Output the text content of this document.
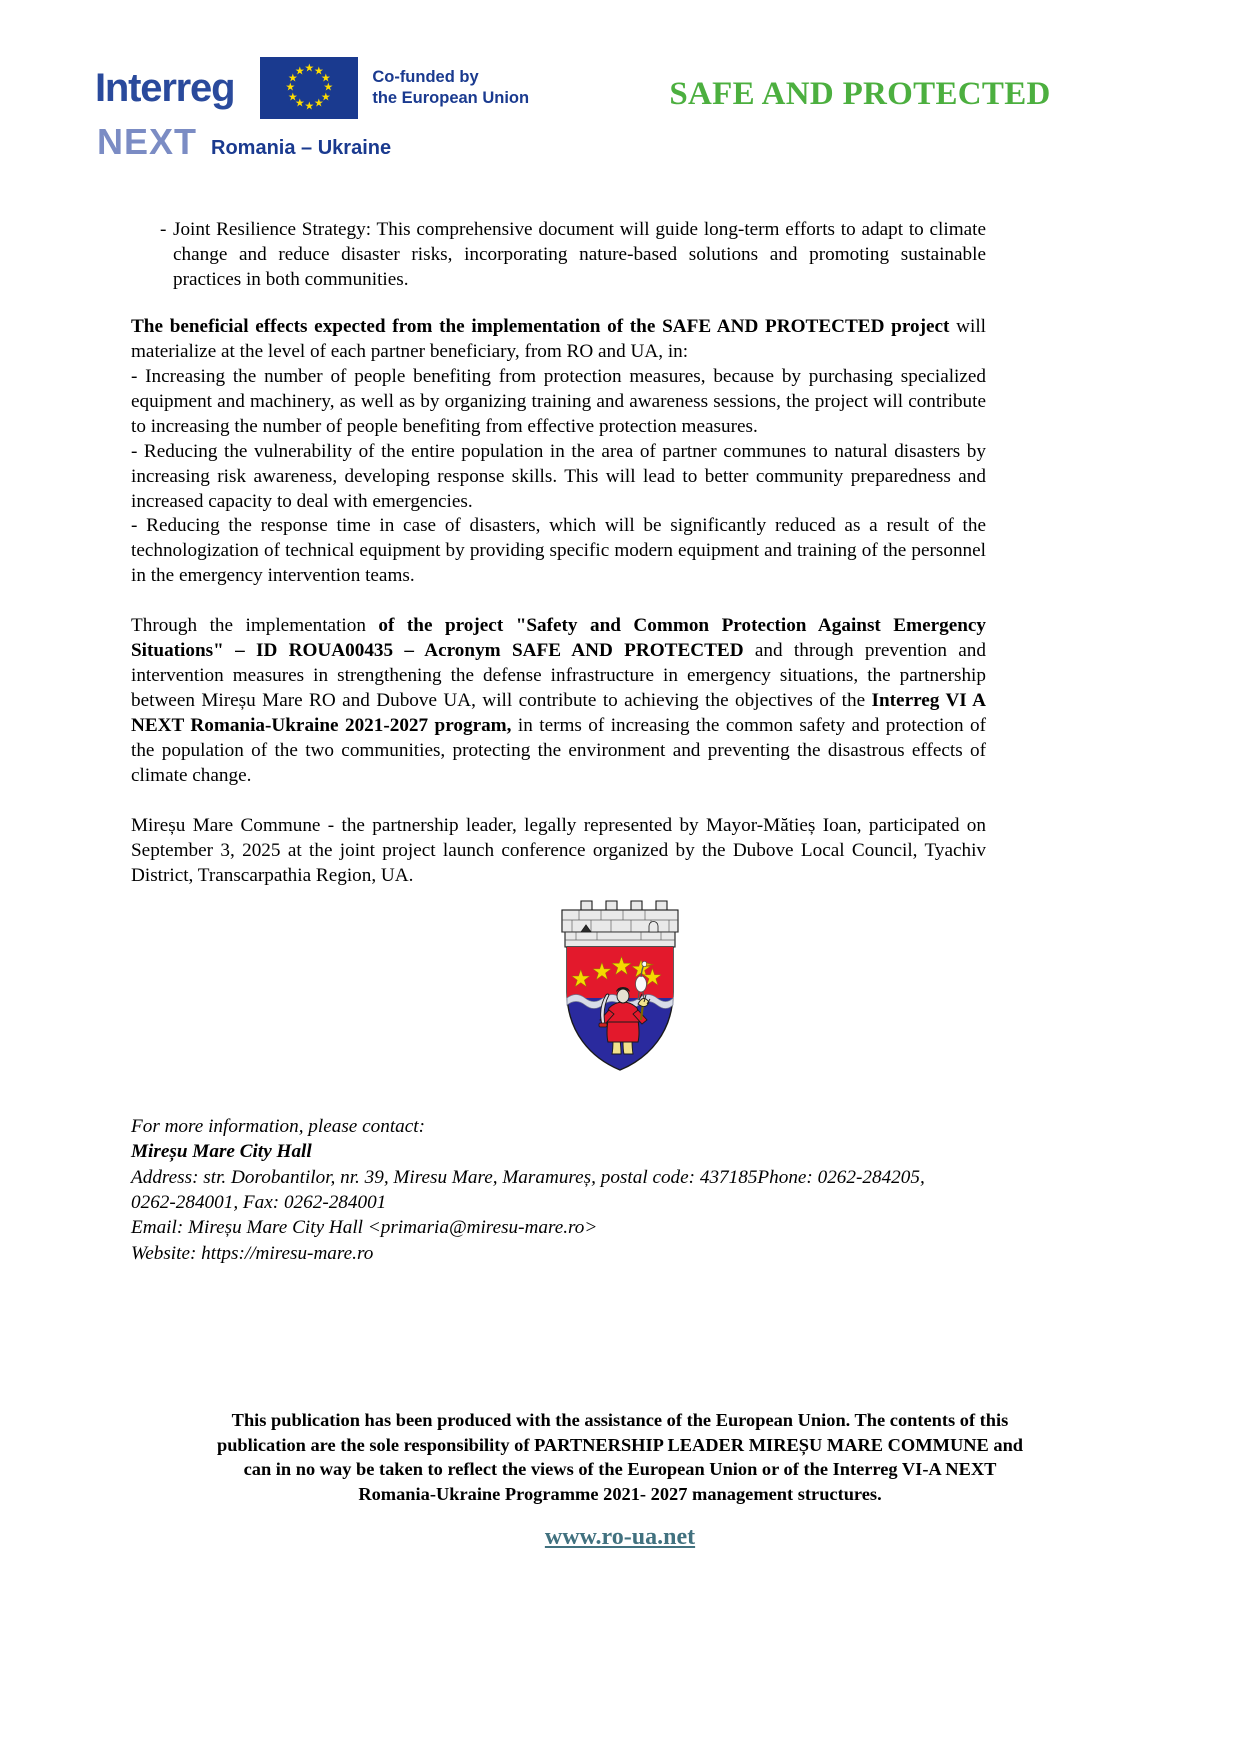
Interreg	★ ★
★
★
★
★
★
★
★
★
★
★	Co-funded by
the European Union
NEXT Romania – Ukraine
SAFE AND PROTECTED
- Joint Resilience Strategy: This comprehensive document will guide long-term efforts to adapt to climate change and reduce disaster risks, incorporating nature-based solutions and promoting sustainable practices in both communities.

The beneficial effects expected from the implementation of the SAFE AND PROTECTED project will materialize at the level of each partner beneficiary, from RO and UA, in:

- Increasing the number of people benefiting from protection measures, because by purchasing specialized equipment and machinery, as well as by organizing training and awareness sessions, the project will contribute to increasing the number of people benefiting from effective protection measures.

- Reducing the vulnerability of the entire population in the area of partner communes to natural disasters by increasing risk awareness, developing response skills. This will lead to better community preparedness and increased capacity to deal with emergencies.

- Reducing the response time in case of disasters, which will be significantly reduced as a result of the technologization of technical equipment by providing specific modern equipment and training of the personnel in the emergency intervention teams.

Through the implementation of the project "Safety and Common Protection Against Emergency Situations" – ID ROUA00435 – Acronym SAFE AND PROTECTED and through prevention and intervention measures in strengthening the defense infrastructure in emergency situations, the partnership between Mireșu Mare RO and Dubove UA, will contribute to achieving the objectives of the Interreg VI A NEXT Romania-Ukraine 2021-2027 program, in terms of increasing the common safety and protection of the population of the two communities, protecting the environment and preventing the disastrous effects of climate change.

Mireșu Mare Commune - the partnership leader, legally represented by Mayor-Mătieș Ioan, participated on September 3, 2025 at the joint project launch conference organized by the Dubove Local Council, Tyachiv District, Transcarpathia Region, UA.

For more information, please contact:
Mireșu Mare City Hall
Address: str. Dorobantilor, nr. 39, Miresu Mare, Maramureș, postal code: 437185Phone: 0262-284205,
0262-284001, Fax: 0262-284001
Email: Mireșu Mare City Hall <primaria@miresu-mare.ro>
Website: https://miresu-mare.ro
This publication has been produced with the assistance of the European Union. The contents of this
publication are the sole responsibility of PARTNERSHIP LEADER MIREȘU MARE COMMUNE and
can in no way be taken to reflect the views of the European Union or of the Interreg VI-A NEXT
Romania-Ukraine Programme 2021- 2027 management structures.
www.ro-ua.net
